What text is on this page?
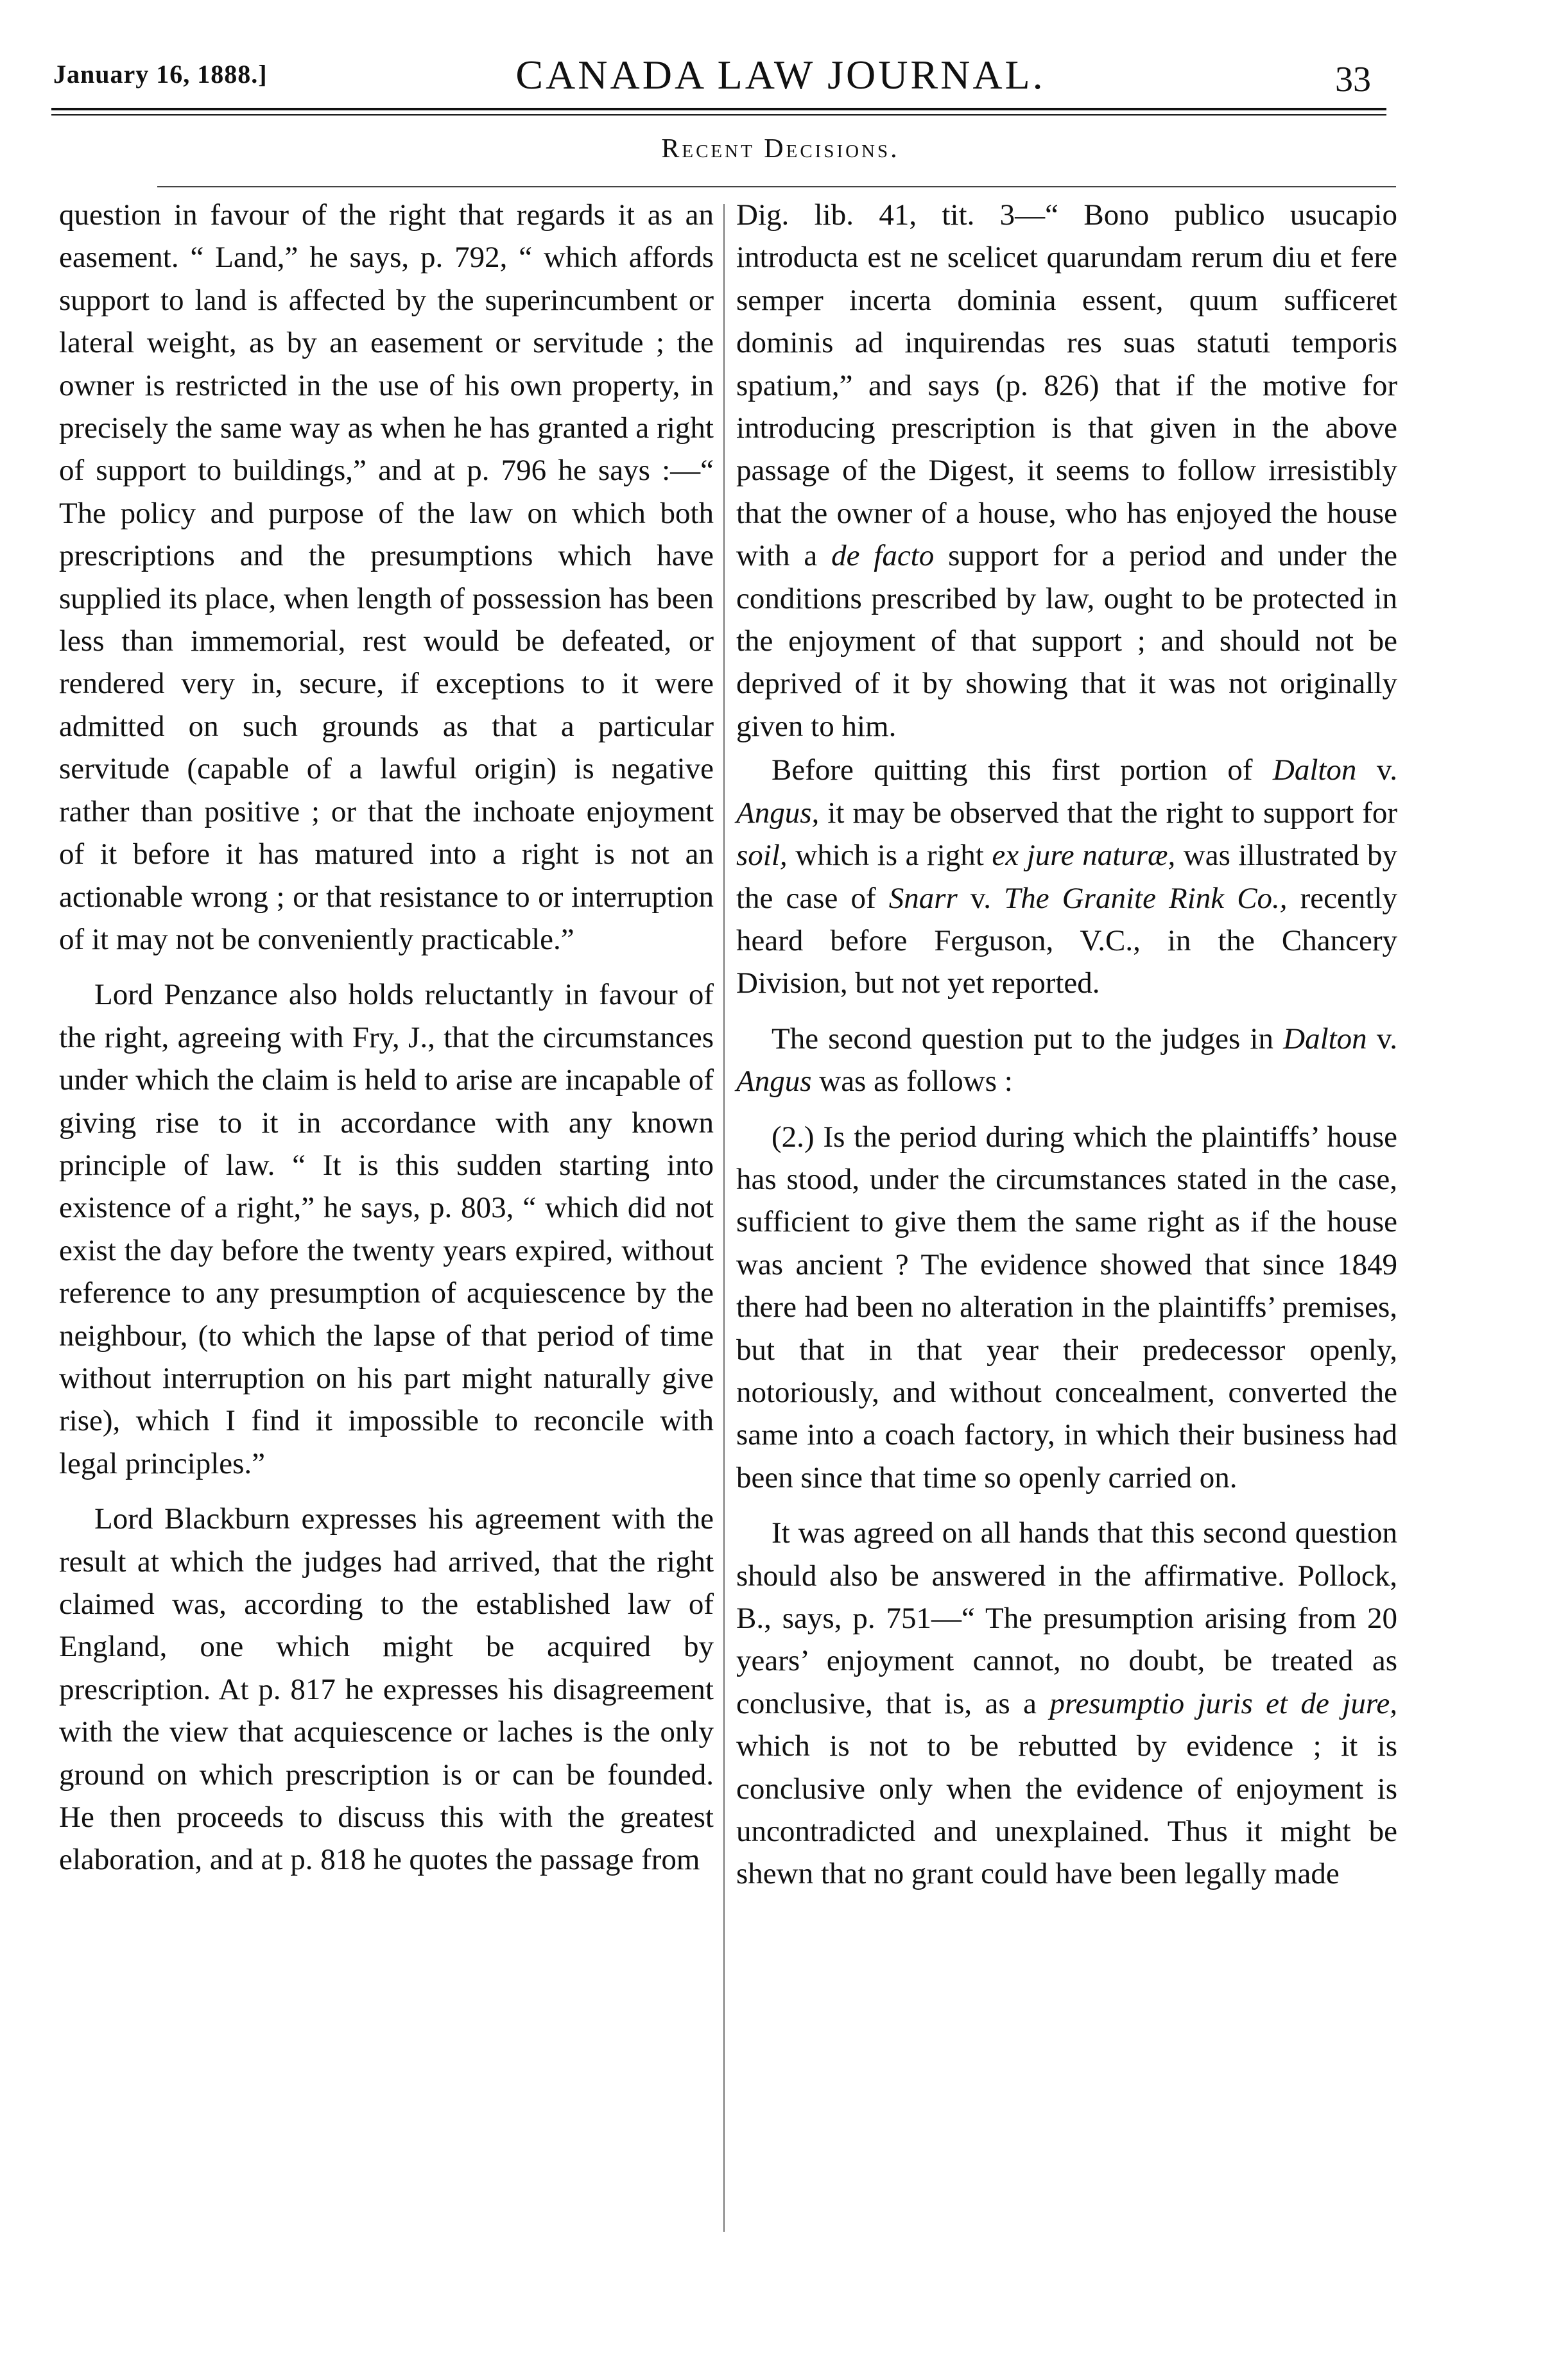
January 16, 1888.]	CANADA LAW JOURNAL.	33
Recent Decisions.

question in favour of the right that regards it as an easement. “ Land,” he says, p. 792, “ which affords support to land is affected by the superincumbent or lateral weight, as by an easement or servitude ; the owner is restricted in the use of his own property, in precisely the same way as when he has granted a right of support to buildings,” and at p. 796 he says :—“ The policy and purpose of the law on which both prescriptions and the presumptions which have supplied its place, when length of possession has been less than immemorial, rest would be defeated, or rendered very in, secure, if exceptions to it were admitted on such grounds as that a particular servitude (capable of a lawful origin) is negative rather than positive ; or that the inchoate enjoyment of it before it has matured into a right is not an actionable wrong ; or that resistance to or interruption of it may not be conveniently practicable.”

Lord Penzance also holds reluctantly in favour of the right, agreeing with Fry, J., that the circumstances under which the claim is held to arise are incapable of giving rise to it in accordance with any known principle of law. “ It is this sudden starting into existence of a right,” he says, p. 803, “ which did not exist the day before the twenty years expired, without reference to any presumption of acquiescence by the neighbour, (to which the lapse of that period of time without interruption on his part might naturally give rise), which I find it impossible to reconcile with legal principles.”

Lord Blackburn expresses his agreement with the result at which the judges had arrived, that the right claimed was, according to the established law of England, one which might be acquired by prescription. At p. 817 he expresses his disagreement with the view that acquiescence or laches is the only ground on which prescription is or can be founded. He then proceeds to discuss this with the greatest elaboration, and at p. 818 he quotes the passage from

Dig. lib. 41, tit. 3—“ Bono publico usucapio introducta est ne scelicet quarundam rerum diu et fere semper incerta dominia essent, quum sufficeret dominis ad inquirendas res suas statuti temporis spatium,” and says (p. 826) that if the motive for introducing prescription is that given in the above passage of the Digest, it seems to follow irresistibly that the owner of a house, who has enjoyed the house with a de facto support for a period and under the conditions prescribed by law, ought to be protected in the enjoyment of that support ; and should not be deprived of it by showing that it was not originally given to him.

Before quitting this first portion of Dalton v. Angus, it may be observed that the right to support for soil, which is a right ex jure naturæ, was illustrated by the case of Snarr v. The Granite Rink Co., recently heard before Ferguson, V.C., in the Chancery Division, but not yet reported.

The second question put to the judges in Dalton v. Angus was as follows :

(2.) Is the period during which the plaintiffs’ house has stood, under the circumstances stated in the case, sufficient to give them the same right as if the house was ancient ? The evidence showed that since 1849 there had been no alteration in the plaintiffs’ premises, but that in that year their predecessor openly, notoriously, and without concealment, converted the same into a coach factory, in which their business had been since that time so openly carried on.

It was agreed on all hands that this second question should also be answered in the affirmative. Pollock, B., says, p. 751—“ The presumption arising from 20 years’ enjoyment cannot, no doubt, be treated as conclusive, that is, as a presumptio juris et de jure, which is not to be rebutted by evidence ; it is conclusive only when the evidence of enjoyment is uncontradicted and unexplained. Thus it might be shewn that no grant could have been legally made
